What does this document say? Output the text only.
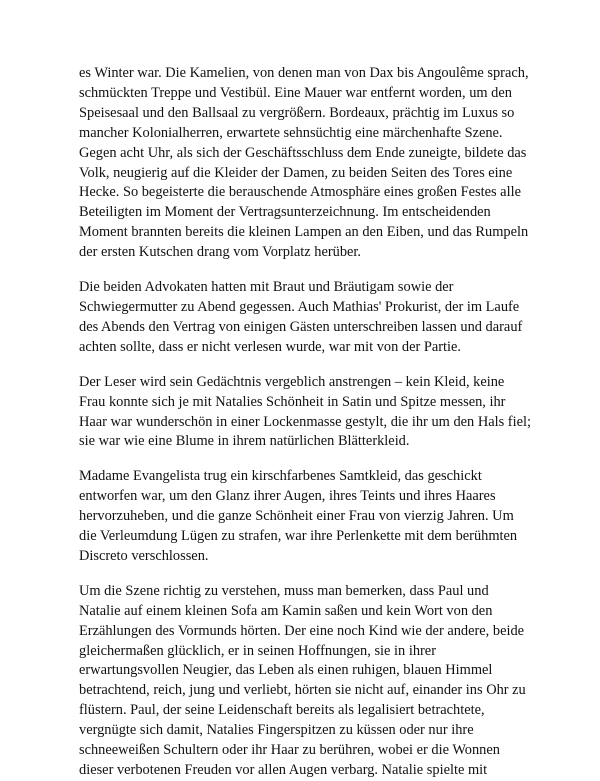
es Winter war. Die Kamelien, von denen man von Dax bis Angoulême sprach, schmückten Treppe und Vestibül. Eine Mauer war entfernt worden, um den Speisesaal und den Ballsaal zu vergrößern. Bordeaux, prächtig im Luxus so mancher Kolonialherren, erwartete sehnsüchtig eine märchenhafte Szene. Gegen acht Uhr, als sich der Geschäftsschluss dem Ende zuneigte, bildete das Volk, neugierig auf die Kleider der Damen, zu beiden Seiten des Tores eine Hecke. So begeisterte die berauschende Atmosphäre eines großen Festes alle Beteiligten im Moment der Vertragsunterzeichnung. Im entscheidenden Moment brannten bereits die kleinen Lampen an den Eiben, und das Rumpeln der ersten Kutschen drang vom Vorplatz herüber.

Die beiden Advokaten hatten mit Braut und Bräutigam sowie der Schwiegermutter zu Abend gegessen. Auch Mathias' Prokurist, der im Laufe des Abends den Vertrag von einigen Gästen unterschreiben lassen und darauf achten sollte, dass er nicht verlesen wurde, war mit von der Partie.

Der Leser wird sein Gedächtnis vergeblich anstrengen – kein Kleid, keine Frau konnte sich je mit Natalies Schönheit in Satin und Spitze messen, ihr Haar war wunderschön in einer Lockenmasse gestylt, die ihr um den Hals fiel; sie war wie eine Blume in ihrem natürlichen Blätterkleid.

Madame Evangelista trug ein kirschfarbenes Samtkleid, das geschickt entworfen war, um den Glanz ihrer Augen, ihres Teints und ihres Haares hervorzuheben, und die ganze Schönheit einer Frau von vierzig Jahren. Um die Verleumdung Lügen zu strafen, war ihre Perlenkette mit dem berühmten Discreto verschlossen.

Um die Szene richtig zu verstehen, muss man bemerken, dass Paul und Natalie auf einem kleinen Sofa am Kamin saßen und kein Wort von den Erzählungen des Vormunds hörten. Der eine noch Kind wie der andere, beide gleichermaßen glücklich, er in seinen Hoffnungen, sie in ihrer erwartungsvollen Neugier, das Leben als einen ruhigen, blauen Himmel betrachtend, reich, jung und verliebt, hörten sie nicht auf, einander ins Ohr zu flüstern. Paul, der seine Leidenschaft bereits als legalisiert betrachtete, vergnügte sich damit, Natalies Fingerspitzen zu küssen oder nur ihre schneeweißen Schultern oder ihr Haar zu berühren, wobei er die Wonnen dieser verbotenen Freuden vor allen Augen verbarg. Natalie spielte mit
